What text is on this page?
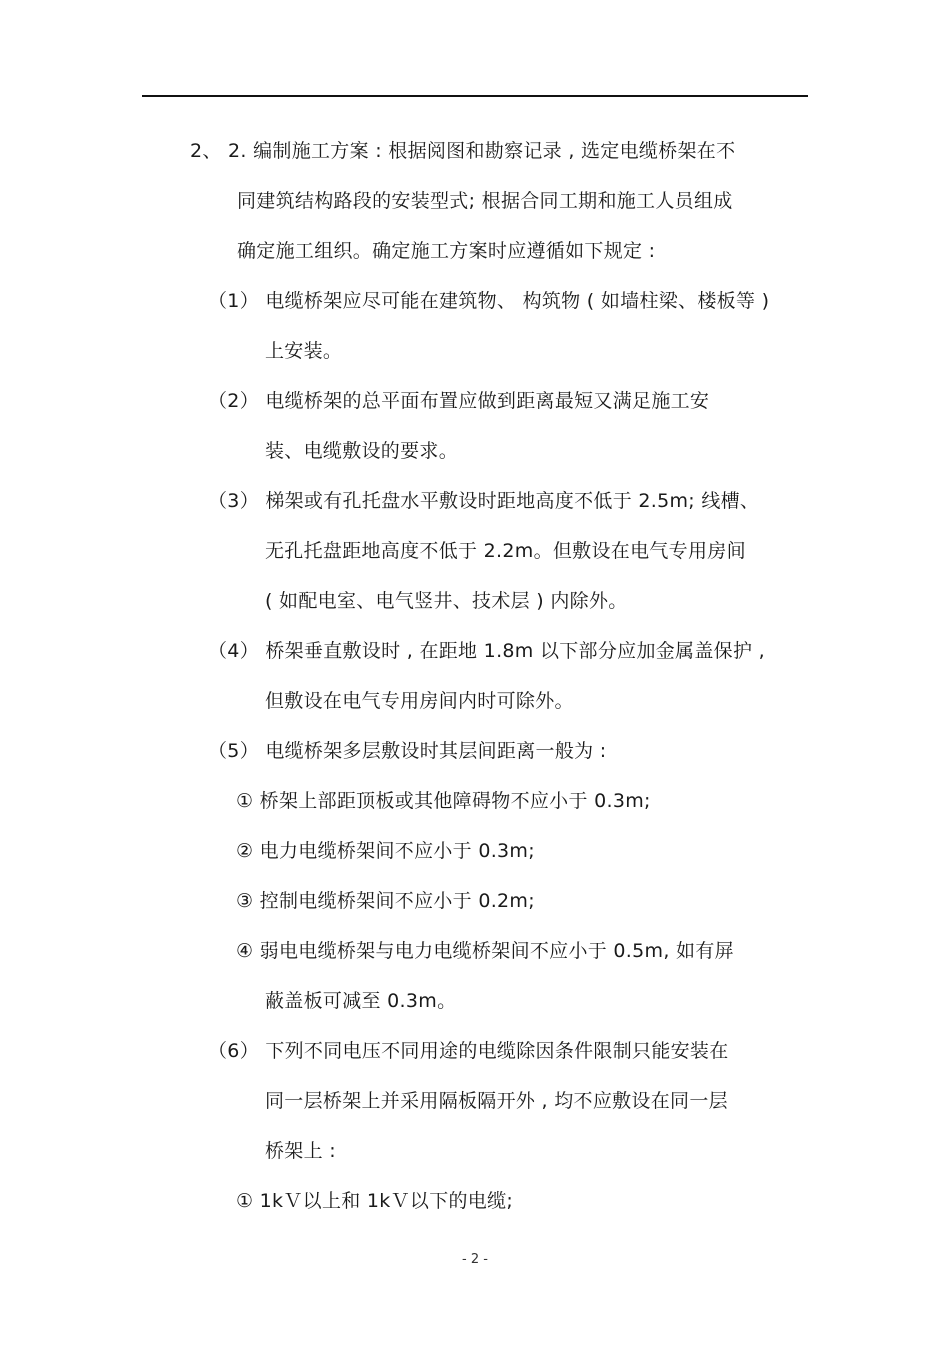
2、 2. 编制施工方案 : 根据阅图和勘察记录 , 选定电缆桥架在不
同建筑结构路段的安装型式; 根据合同工期和施工人员组成
确定施工组织。确定施工方案时应遵循如下规定 :
（1） 电缆桥架应尽可能在建筑物、 构筑物 ( 如墙柱梁、楼板等 )
上安装。
（2） 电缆桥架的总平面布置应做到距离最短又满足施工安
装、电缆敷设的要求。
（3） 梯架或有孔托盘水平敷设时距地高度不低于 2.5m; 线槽、
无孔托盘距地高度不低于 2.2m。但敷设在电气专用房间
( 如配电室、电气竖井、技术层 ) 内除外。
（4） 桥架垂直敷设时 , 在距地 1.8m 以下部分应加金属盖保护 ,
但敷设在电气专用房间内时可除外。
（5） 电缆桥架多层敷设时其层间距离一般为 :
① 桥架上部距顶板或其他障碍物不应小于 0.3m;
② 电力电缆桥架间不应小于 0.3m;
③ 控制电缆桥架间不应小于 0.2m;
④ 弱电电缆桥架与电力电缆桥架间不应小于 0.5m, 如有屏
蔽盖板可减至 0.3m。
（6） 下列不同电压不同用途的电缆除因条件限制只能安装在
同一层桥架上并采用隔板隔开外 , 均不应敷设在同一层
桥架上 :
① 1kＶ以上和 1kＶ以下的电缆;
- 2 -
